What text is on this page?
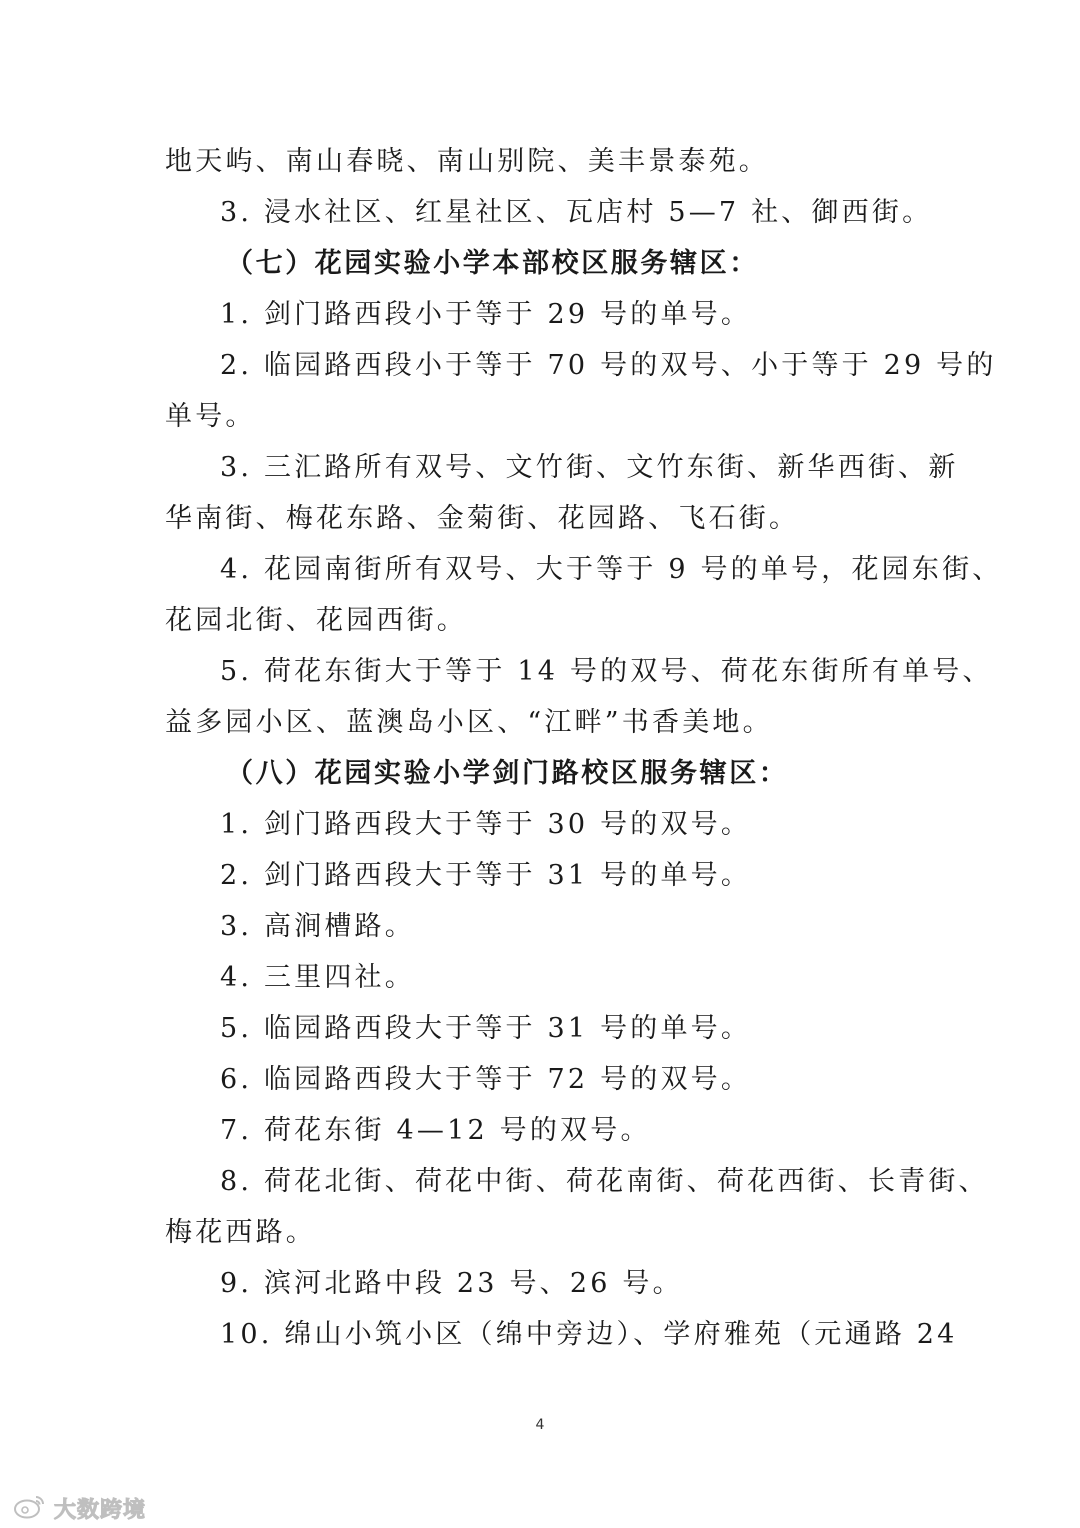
地天屿、南山春晓、南山别院、美丰景泰苑。
3. 浸水社区、红星社区、瓦店村 5—7 社、御西街。
（七）花园实验小学本部校区服务辖区：
1. 剑门路西段小于等于 29 号的单号。
2. 临园路西段小于等于 70 号的双号、小于等于 29 号的
单号。
3. 三汇路所有双号、文竹街、文竹东街、新华西街、新
华南街、梅花东路、金菊街、花园路、飞石街。
4. 花园南街所有双号、大于等于 9 号的单号，花园东街、
花园北街、花园西街。
5. 荷花东街大于等于 14 号的双号、荷花东街所有单号、
益多园小区、蓝澳岛小区、“江畔”书香美地。
（八）花园实验小学剑门路校区服务辖区：
1. 剑门路西段大于等于 30 号的双号。
2. 剑门路西段大于等于 31 号的单号。
3. 高涧槽路。
4. 三里四社。
5. 临园路西段大于等于 31 号的单号。
6. 临园路西段大于等于 72 号的双号。
7. 荷花东街 4—12 号的双号。
8. 荷花北街、荷花中街、荷花南街、荷花西街、长青街、
梅花西路。
9. 滨河北路中段 23 号、26 号。
10. 绵山小筑小区（绵中旁边）、学府雅苑（元通路 24
4
大数跨境
